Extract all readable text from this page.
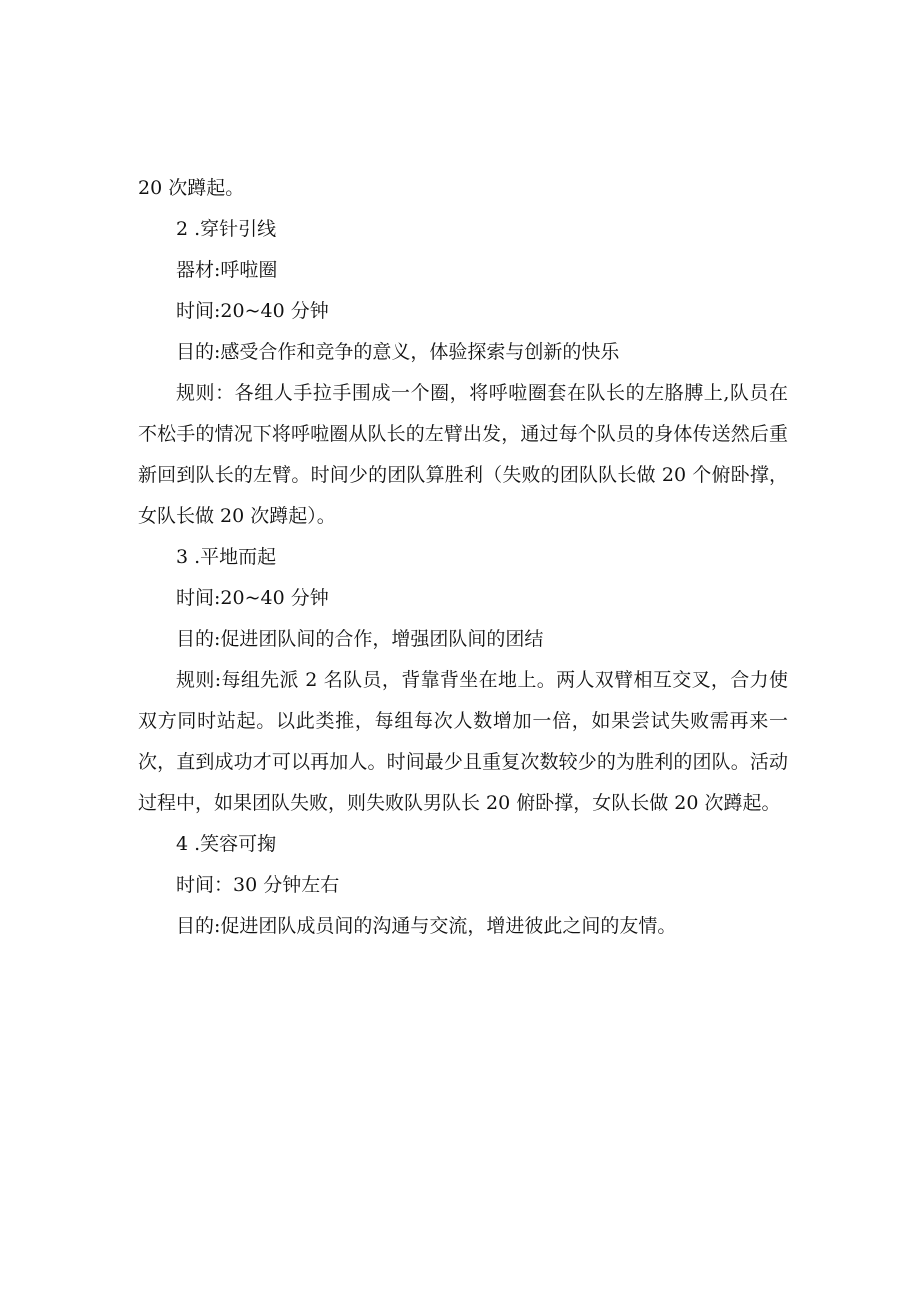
20 次蹲起。

2 .穿针引线

器材:呼啦圈

时间:20~40 分钟

目的:感受合作和竞争的意义，体验探索与创新的快乐

规则：各组人手拉手围成一个圈，将呼啦圈套在队长的左胳膊上,队员在不松手的情况下将呼啦圈从队长的左臂出发，通过每个队员的身体传送然后重新回到队长的左臂。时间少的团队算胜利（失败的团队队长做 20 个俯卧撑，女队长做 20 次蹲起）。

3 .平地而起

时间:20~40 分钟

目的:促进团队间的合作，增强团队间的团结

规则:每组先派 2 名队员，背靠背坐在地上。两人双臂相互交叉，合力使双方同时站起。以此类推，每组每次人数增加一倍，如果尝试失败需再来一次，直到成功才可以再加人。时间最少且重复次数较少的为胜利的团队。活动过程中，如果团队失败，则失败队男队长 20 俯卧撑，女队长做 20 次蹲起。

4 .笑容可掬

时间：30 分钟左右

目的:促进团队成员间的沟通与交流，增进彼此之间的友情。
